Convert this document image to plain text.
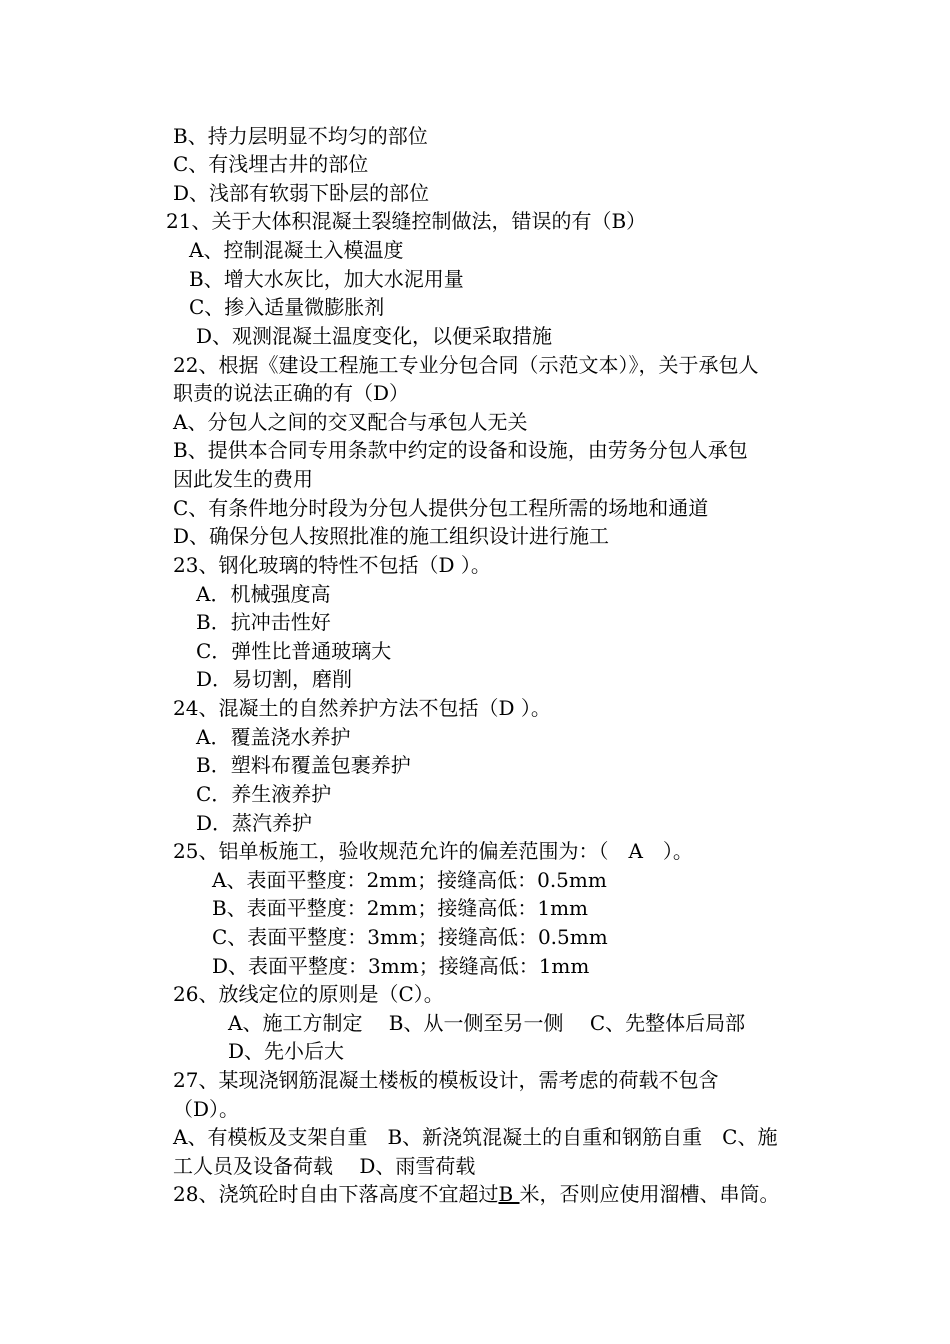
B、持力层明显不均匀的部位
C、有浅埋古井的部位
D、浅部有软弱下卧层的部位
21、关于大体积混凝土裂缝控制做法，错误的有（B）
A、控制混凝土入模温度
B、增大水灰比，加大水泥用量
C、掺入适量微膨胀剂
D、观测混凝土温度变化，以便采取措施
22、根据《建设工程施工专业分包合同（示范文本）》，关于承包人
职责的说法正确的有（D）
A、分包人之间的交叉配合与承包人无关
B、提供本合同专用条款中约定的设备和设施，由劳务分包人承包
因此发生的费用
C、有条件地分时段为分包人提供分包工程所需的场地和通道
D、确保分包人按照批准的施工组织设计进行施工
23、钢化玻璃的特性不包括（D ）。
A．机械强度高
B．抗冲击性好
C．弹性比普通玻璃大
D．易切割，磨削
24、混凝土的自然养护方法不包括（D ）。
A．覆盖浇水养护
B．塑料布覆盖包裹养护
C．养生液养护
D．蒸汽养护
25、铝单板施工，验收规范允许的偏差范围为：（　A　）。
A、表面平整度：2mm；接缝高低：0.5mm
B、表面平整度：2mm；接缝高低：1mm
C、表面平整度：3mm；接缝高低：0.5mm
D、表面平整度：3mm；接缝高低：1mm
26、放线定位的原则是（C）。
A、施工方制定　 B、从一侧至另一侧　 C、先整体后局部
D、先小后大
27、某现浇钢筋混凝土楼板的模板设计，需考虑的荷载不包含
（D）。
A、有模板及支架自重　B、新浇筑混凝土的自重和钢筋自重　C、施
工人员及设备荷载　 D、雨雪荷载
28、浇筑砼时自由下落高度不宜超过B 米，否则应使用溜槽、串筒。
